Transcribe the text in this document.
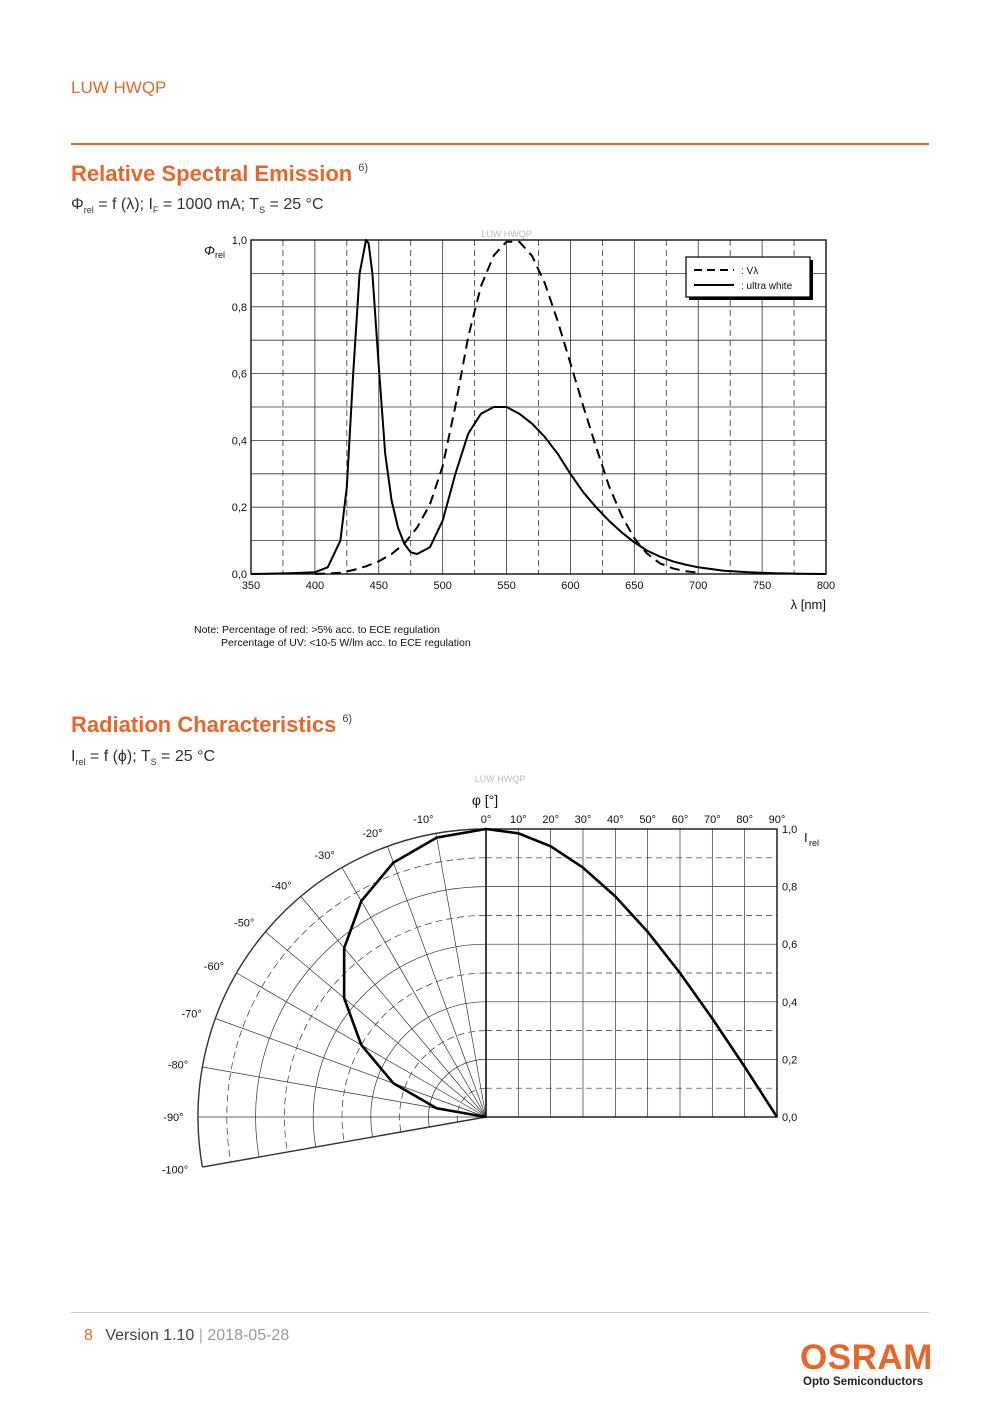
LUW HWQP
Relative Spectral Emission $^{6)}$
$\Phi_{rel} = f$ (λ); $I_F = 1000$ mA; $T_S = 25$ °C
LUW HWQP
0,0
0,2
0,4
0,6
0,8
1,0
350	400	450	500	550	600	650	700	750	800
Φ rel
λ [nm]
: Vλ
: ultra white
Note: Percentage of red: >5% acc. to ECE regulation
Percentage of UV: <10-5 W/lm acc. to ECE regulation
Radiation Characteristics $^{6)}$
$I_{rel} = f$ (ϕ); $T_S = 25$ °C
LUW HWQP
φ [°]
0° 10° 20° 30° 40° 50° 60° 70° 80° 90°
-10°
-20°
-30°
-40°
-50°
-60°
-70°
-80°
-90°
-100°
1,0
0,8
0,6
0,4
0,2
0,0
I rel
8 Version 1.10 | 2018-05-28
OSRAM
Opto Semiconductors
